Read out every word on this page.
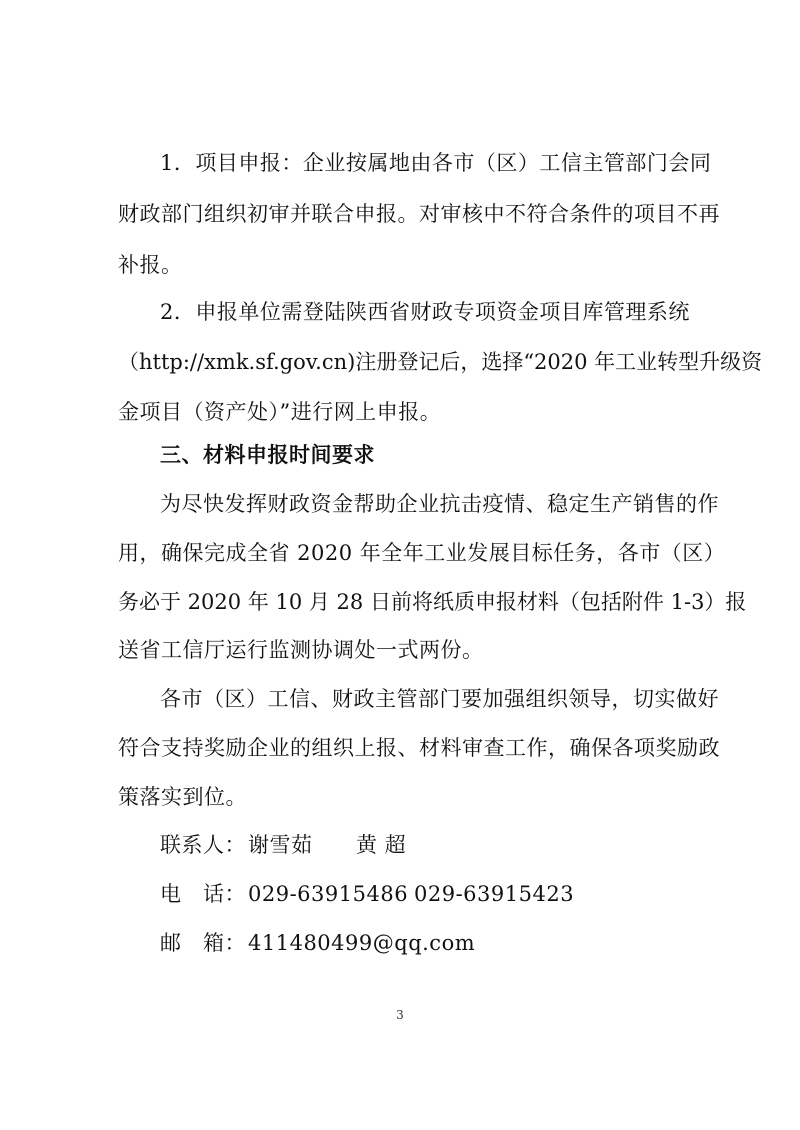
1．项目申报：企业按属地由各市（区）工信主管部门会同
财政部门组织初审并联合申报。对审核中不符合条件的项目不再
补报。
2．申报单位需登陆陕西省财政专项资金项目库管理系统
（http://xmk.sf.gov.cn)注册登记后，选择“2020 年工业转型升级资
金项目（资产处）”进行网上申报。
三、材料申报时间要求
为尽快发挥财政资金帮助企业抗击疫情、稳定生产销售的作
用，确保完成全省 2020 年全年工业发展目标任务，各市（区）
务必于 2020 年 10 月 28 日前将纸质申报材料（包括附件 1-3）报
送省工信厅运行监测协调处一式两份。
各市（区）工信、财政主管部门要加强组织领导，切实做好
符合支持奖励企业的组织上报、材料审查工作，确保各项奖励政
策落实到位。
联系人： 谢雪茹 黄 超
电　话： 029-63915486 029-63915423
邮　箱： 411480499@qq.com
3
